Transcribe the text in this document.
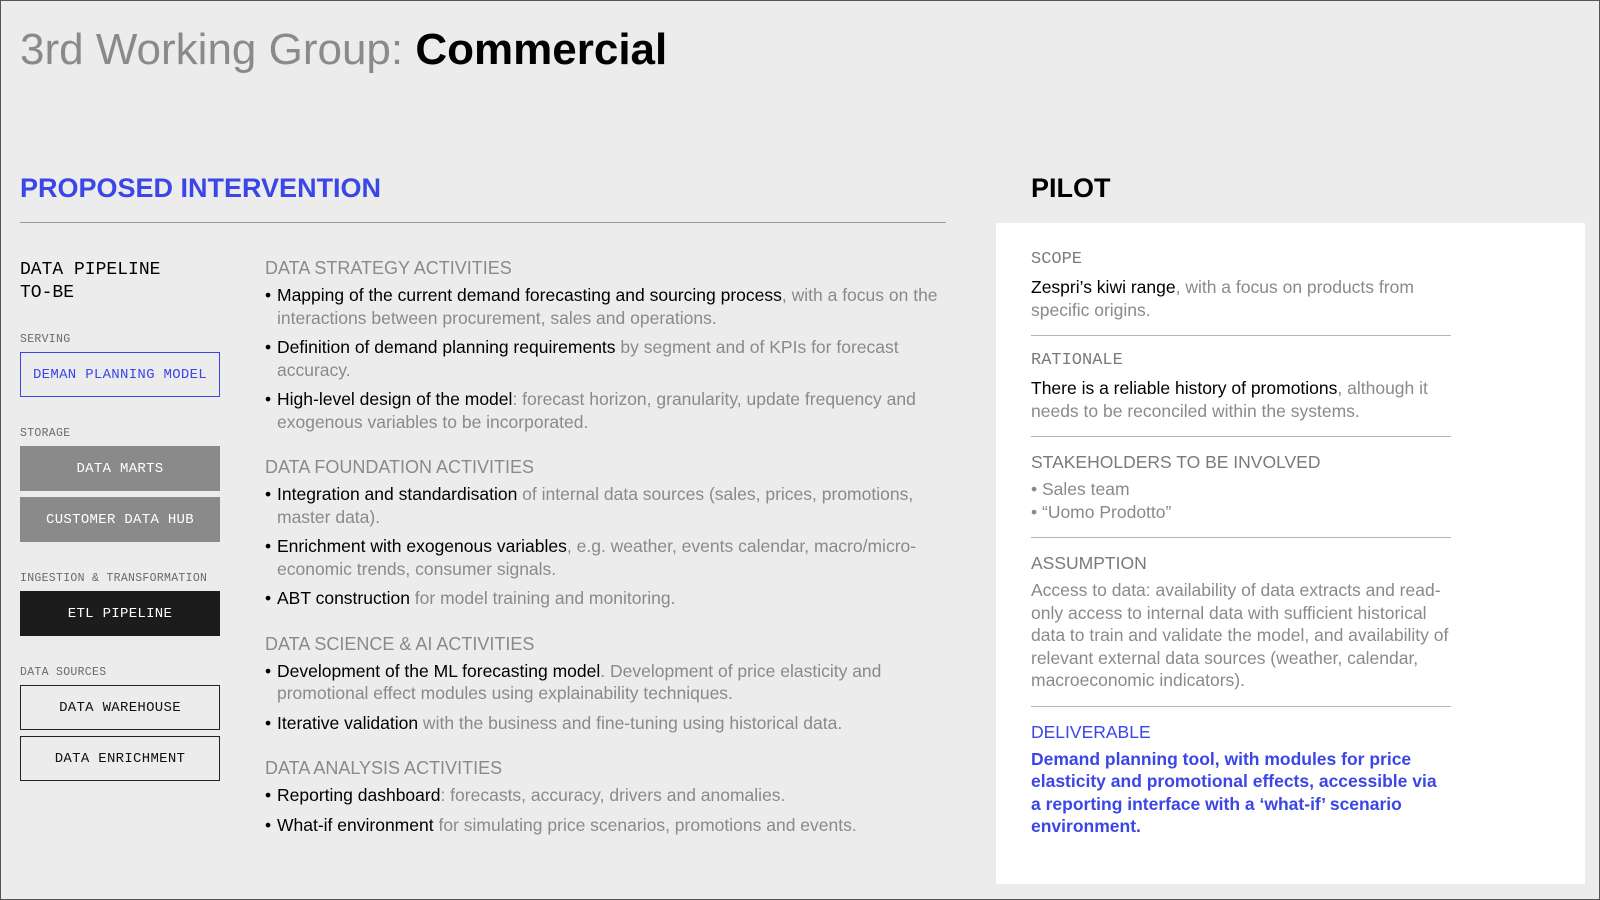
3rd Working Group: Commercial
PROPOSED INTERVENTION	PILOT
DATA PIPELINE
TO-BE
SERVING
DEMAN PLANNING MODEL
STORAGE
DATA MARTS
CUSTOMER DATA HUB
INGESTION & TRANSFORMATION
ETL PIPELINE
DATA SOURCES
DATA WAREHOUSE
DATA ENRICHMENT
DATA STRATEGY ACTIVITIES
• Mapping of the current demand forecasting and sourcing process, with a focus on the interactions between procurement, sales and operations.
• Definition of demand planning requirements by segment and of KPIs for forecast accuracy.
• High-level design of the model: forecast horizon, granularity, update frequency and exogenous variables to be incorporated.
DATA FOUNDATION ACTIVITIES
• Integration and standardisation of internal data sources (sales, prices, promotions, master data).
• Enrichment with exogenous variables, e.g. weather, events calendar, macro/micro-economic trends, consumer signals.
• ABT construction for model training and monitoring.
DATA SCIENCE & AI ACTIVITIES
• Development of the ML forecasting model. Development of price elasticity and promotional effect modules using explainability techniques.
• Iterative validation with the business and fine-tuning using historical data.
DATA ANALYSIS ACTIVITIES
• Reporting dashboard: forecasts, accuracy, drivers and anomalies.
• What-if environment for simulating price scenarios, promotions and events.
SCOPE
Zespri’s kiwi range, with a focus on products from specific origins.
RATIONALE
There is a reliable history of promotions, although it needs to be reconciled within the systems.
STAKEHOLDERS TO BE INVOLVED
• Sales team
• “Uomo Prodotto”
ASSUMPTION
Access to data: availability of data extracts and read-only access to internal data with sufficient historical data to train and validate the model, and availability of relevant external data sources (weather, calendar, macroeconomic indicators).
DELIVERABLE
Demand planning tool, with modules for price elasticity and promotional effects, accessible via a reporting interface with a ‘what-if’ scenario environment.
